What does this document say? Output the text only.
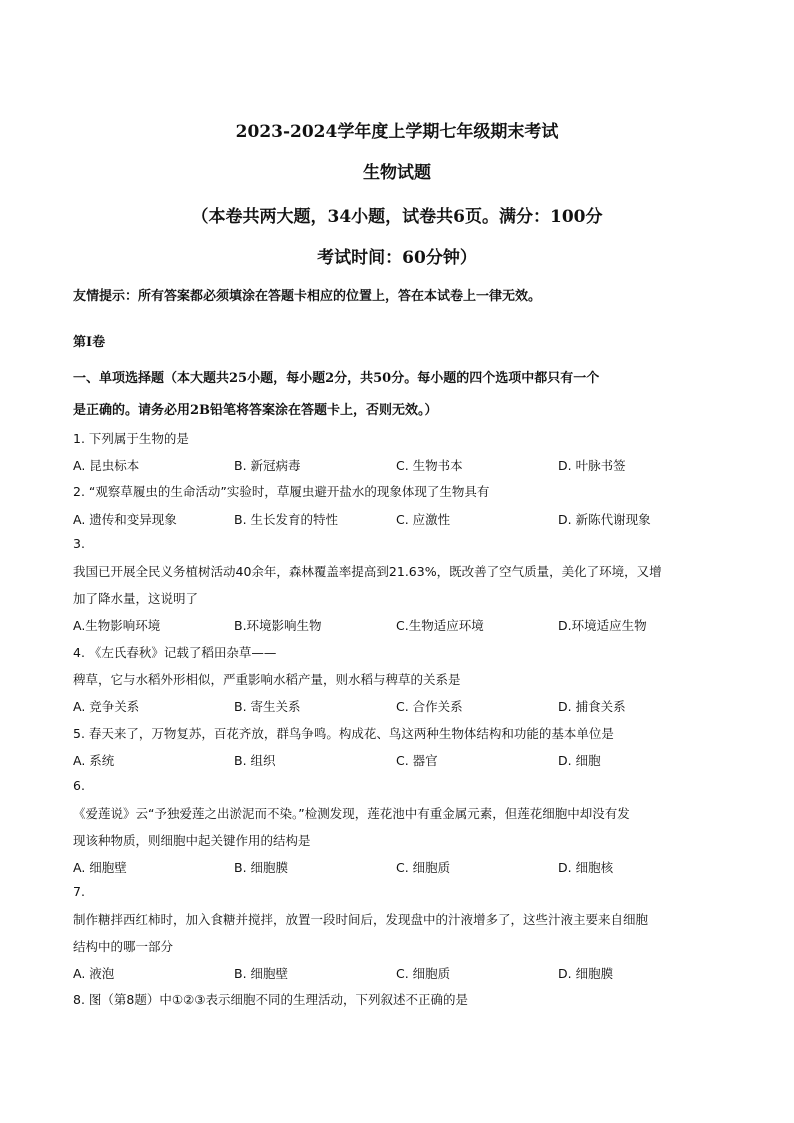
2023-2024学年度上学期七年级期末考试
生物试题
（本卷共两大题，34小题，试卷共6页。满分：100分
考试时间：60分钟）
友情提示：所有答案都必须填涂在答题卡相应的位置上，答在本试卷上一律无效。
第Ⅰ卷
一、单项选择题（本大题共25小题，每小题2分，共50分。每小题的四个选项中都只有一个
是正确的。请务必用2B铅笔将答案涂在答题卡上，否则无效。）
1. 下列属于生物的是
A. 昆虫标本	B. 新冠病毒	C. 生物书本	D. 叶脉书签
2. “观察草履虫的生命活动”实验时，草履虫避开盐水的现象体现了生物具有
A. 遗传和变异现象	B. 生长发育的特性	C. 应激性	D. 新陈代谢现象
3.
我国已开展全民义务植树活动40余年，森林覆盖率提高到21.63%，既改善了空气质量，美化了环境，又增
加了降水量，这说明了
A.生物影响环境	B.环境影响生物	C.生物适应环境	D.环境适应生物
4. 《左氏春秋》记载了稻田杂草——
稗草，它与水稻外形相似，严重影响水稻产量，则水稻与稗草的关系是
A. 竞争关系	B. 寄生关系	C. 合作关系	D. 捕食关系
5. 春天来了，万物复苏，百花齐放，群鸟争鸣。构成花、鸟这两种生物体结构和功能的基本单位是
A. 系统	B. 组织	C. 器官	D. 细胞
6.
《爱莲说》云“予独爱莲之出淤泥而不染。”检测发现，莲花池中有重金属元素，但莲花细胞中却没有发
现该种物质，则细胞中起关键作用的结构是
A. 细胞壁	B. 细胞膜	C. 细胞质	D. 细胞核
7.
制作糖拌西红柿时，加入食糖并搅拌，放置一段时间后，发现盘中的汁液增多了，这些汁液主要来自细胞
结构中的哪一部分
A. 液泡	B. 细胞壁	C. 细胞质	D. 细胞膜
8. 图（第8题）中①②③表示细胞不同的生理活动，下列叙述不正确的是
